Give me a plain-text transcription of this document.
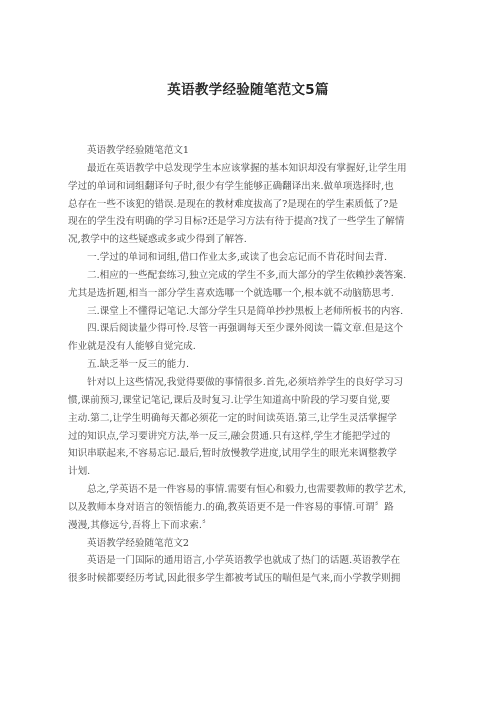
英语教学经验随笔范文5篇
英语教学经验随笔范文1
最近在英语教学中总发现学生本应该掌握的基本知识却没有掌握好,让学生用
学过的单词和词组翻译句子时,很少有学生能够正确翻译出来.做单项选择时,也
总存在一些不该犯的错误.是现在的教材难度拔高了?是现在的学生素质低了?是
现在的学生没有明确的学习目标?还是学习方法有待于提高?找了一些学生了解情
况,教学中的这些疑惑或多或少得到了解答.
一.学过的单词和词组,借口作业太多,或读了也会忘记而不肯花时间去背.
二.相应的一些配套练习,独立完成的学生不多,而大部分的学生依赖抄袭答案.
尤其是选折题,相当一部分学生喜欢选哪一个就选哪一个,根本就不动脑筋思考.
三.课堂上不懂得记笔记.大部分学生只是简单抄抄黑板上老师所板书的内容.
四.课后阅读量少得可怜.尽管一再强调每天至少课外阅读一篇文章.但是这个
作业就是没有人能够自觉完成.
五.缺乏举一反三的能力.
针对以上这些情况,我觉得要做的事情很多.首先,必须培养学生的良好学习习
惯,课前预习,课堂记笔记,课后及时复习.让学生知道高中阶段的学习要自觉,要
主动.第二,让学生明确每天都必须花一定的时间读英语.第三,让学生灵活掌握学
过的知识点,学习要讲究方法,举一反三,融会贯通.只有这样,学生才能把学过的
知识串联起来,不容易忘记.最后,暂时放慢教学进度,试用学生的眼光来调整教学
计划.
总之,学英语不是一件容易的事情.需要有恒心和毅力,也需要教师的教学艺术,
以及教师本身对语言的领悟能力.的确,教英语更不是一件容易的事情.可谓〞路
漫漫,其修远兮,吾将上下而求索.〞
英语教学经验随笔范文2
英语是一门国际的通用语言,小学英语教学也就成了热门的话题.英语教学在
很多时候都要经历考试,因此很多学生都被考试压的喘但是气来,而小学教学则拥
